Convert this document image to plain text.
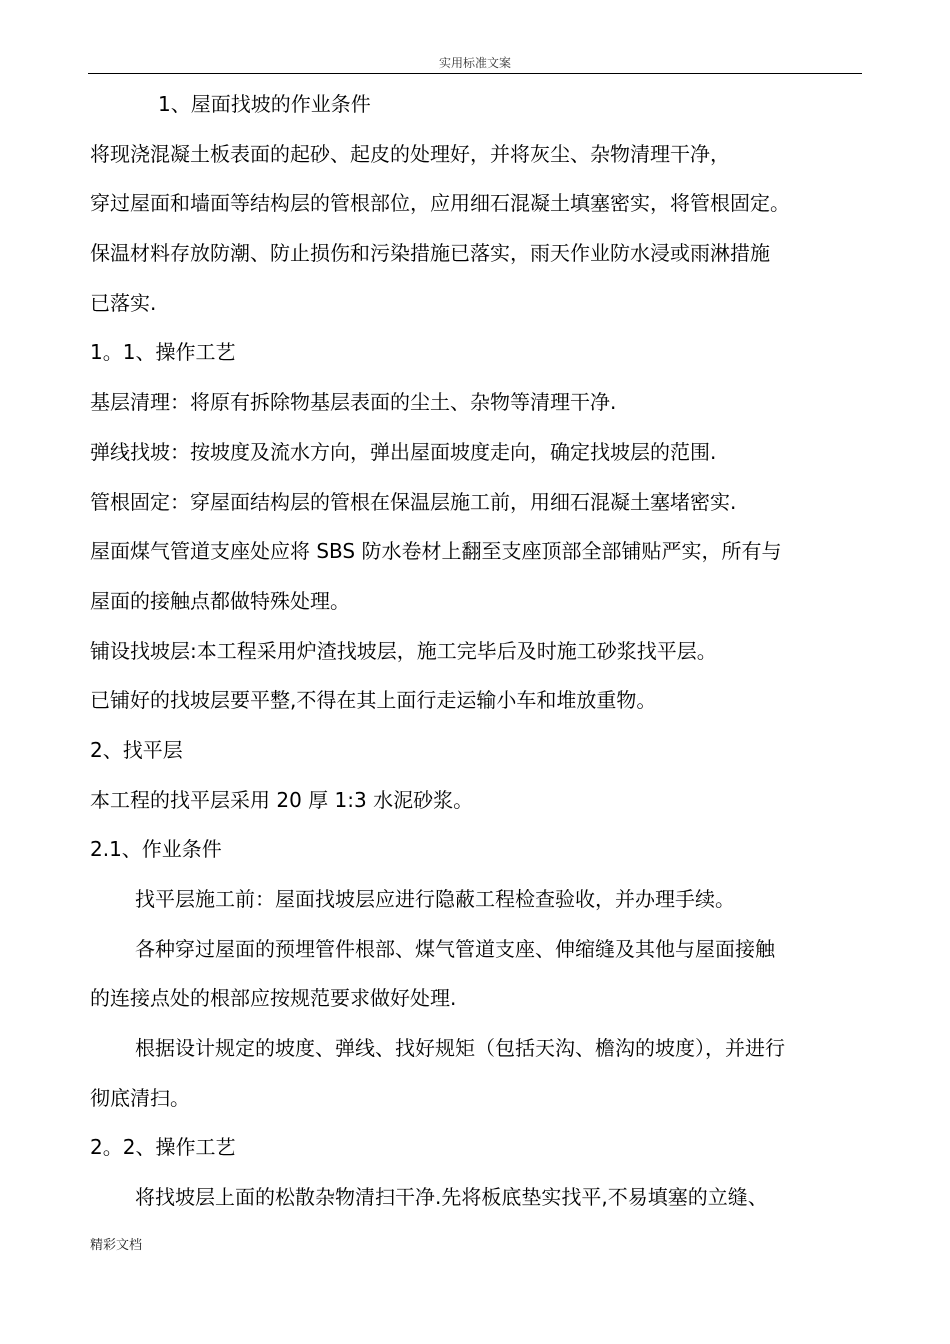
实用标准文案
1、屋面找坡的作业条件
将现浇混凝土板表面的起砂、起皮的处理好，并将灰尘、杂物清理干净，
穿过屋面和墙面等结构层的管根部位，应用细石混凝土填塞密实，将管根固定。
保温材料存放防潮、防止损伤和污染措施已落实，雨天作业防水浸或雨淋措施
已落实.
1。1、操作工艺
基层清理：将原有拆除物基层表面的尘土、杂物等清理干净.
弹线找坡：按坡度及流水方向，弹出屋面坡度走向，确定找坡层的范围.
管根固定：穿屋面结构层的管根在保温层施工前，用细石混凝土塞堵密实.
屋面煤气管道支座处应将 SBS 防水卷材上翻至支座顶部全部铺贴严实，所有与
屋面的接触点都做特殊处理。
铺设找坡层:本工程采用炉渣找坡层，施工完毕后及时施工砂浆找平层。
已铺好的找坡层要平整,不得在其上面行走运输小车和堆放重物。
2、找平层
本工程的找平层采用 20 厚 1:3 水泥砂浆。
2.1、作业条件
找平层施工前：屋面找坡层应进行隐蔽工程检查验收，并办理手续。
各种穿过屋面的预埋管件根部、煤气管道支座、伸缩缝及其他与屋面接触
的连接点处的根部应按规范要求做好处理.
根据设计规定的坡度、弹线、找好规矩（包括天沟、檐沟的坡度），并进行
彻底清扫。
2。2、操作工艺
将找坡层上面的松散杂物清扫干净.先将板底垫实找平,不易填塞的立缝、
精彩文档
